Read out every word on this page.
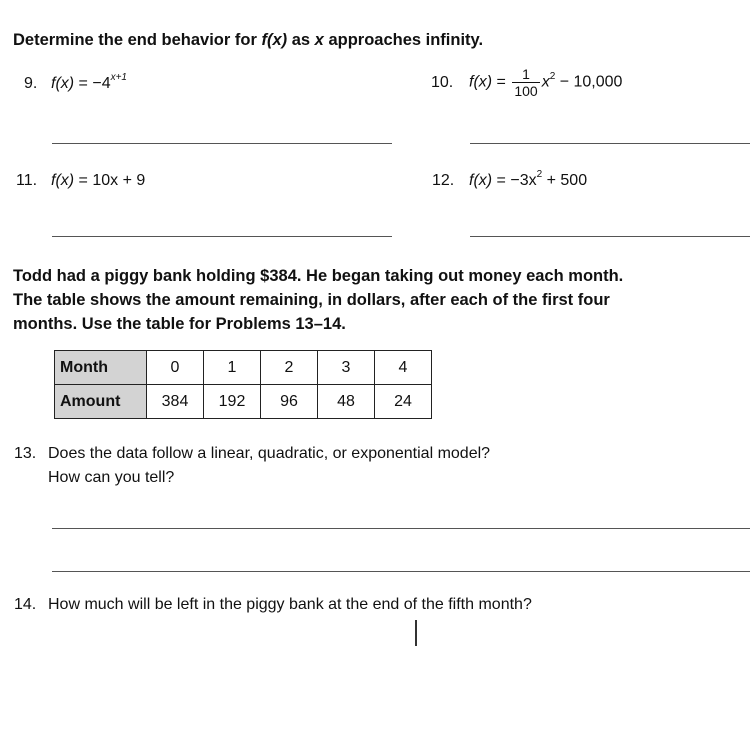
Determine the end behavior for f(x) as x approaches infinity.
9. $f(x) = -4^{x+1}$	10. $f(x) = \frac{1}{100} x^2 - 10,000$
11. f(x) = 10x + 9	12. $f(x) = -3x^2 + 500$
Todd had a piggy bank holding $384. He began taking out money each month. The table shows the amount remaining, in dollars, after each of the first four months. Use the table for Problems 13–14.
Month	0	1	2	3	4
Amount	384	192	96	48	24
13. Does the data follow a linear, quadratic, or exponential model?
How can you tell?
14. How much will be left in the piggy bank at the end of the fifth month?
